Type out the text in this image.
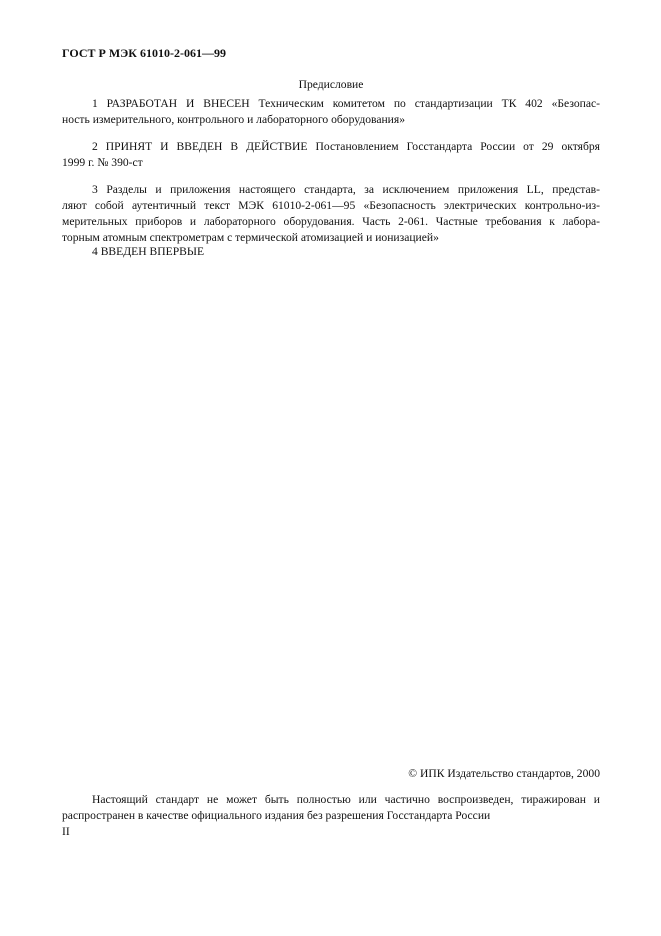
ГОСТ Р МЭК 61010-2-061—99
Предисловие
1 РАЗРАБОТАН И ВНЕСЕН Техническим комитетом по стандартизации ТК 402 «Безопас-
ность измерительного, контрольного и лабораторного оборудования»
2 ПРИНЯТ И ВВЕДЕН В ДЕЙСТВИЕ Постановлением Госстандарта России от 29 октября
1999 г. № 390-ст
3 Разделы и приложения настоящего стандарта, за исключением приложения LL, представ-
ляют собой аутентичный текст МЭК 61010-2-061—95 «Безопасность электрических контрольно-из-
мерительных приборов и лабораторного оборудования. Часть 2-061. Частные требования к лабора-
торным атомным спектрометрам с термической атомизацией и ионизацией»
4 ВВЕДЕН ВПЕРВЫЕ
© ИПК Издательство стандартов, 2000
Настоящий стандарт не может быть полностью или частично воспроизведен, тиражирован и
распространен в качестве официального издания без разрешения Госстандарта России
II
